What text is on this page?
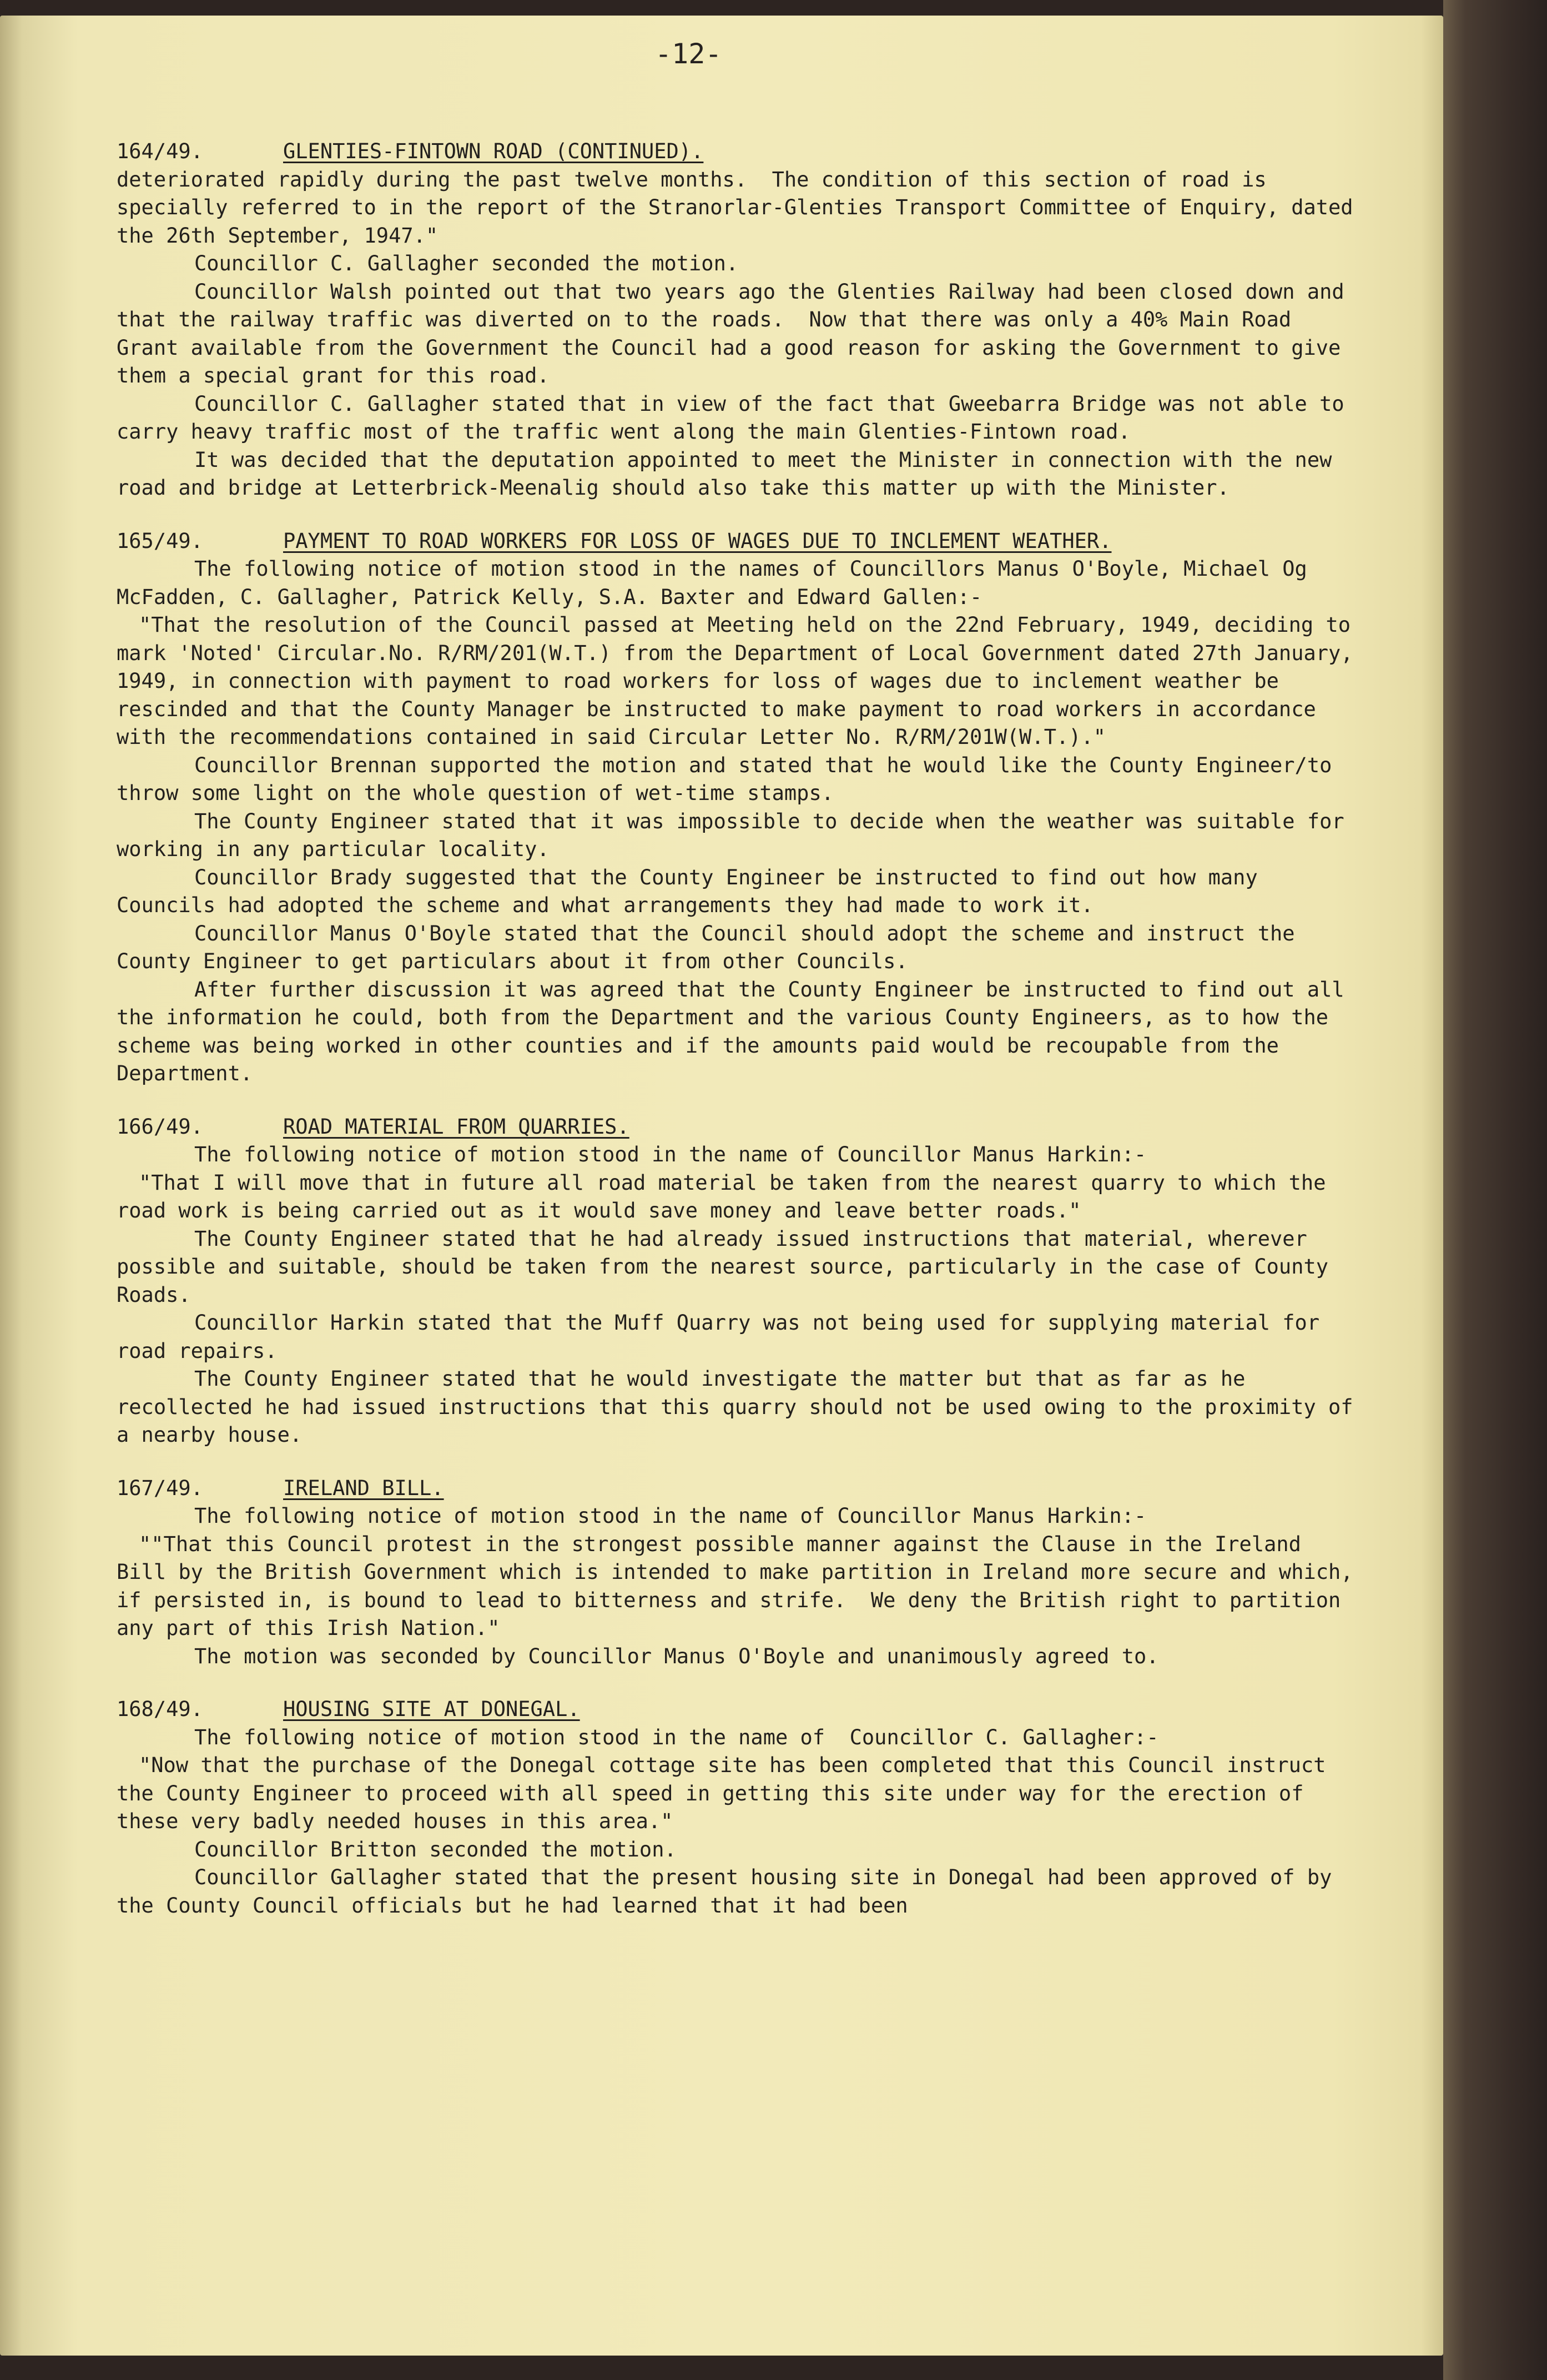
-12-
164/49.	GLENTIES-FINTOWN ROAD (CONTINUED).

deteriorated rapidly during the past twelve months.  The condition of this section of road is specially referred to in the report of the Stranorlar-Glenties Transport Committee of Enquiry, dated the 26th September, 1947."

Councillor C. Gallagher seconded the motion.

Councillor Walsh pointed out that two years ago the Glenties Railway had been closed down and that the railway traffic was diverted on to the roads.  Now that there was only a 40% Main Road Grant available from the Government the Council had a good reason for asking the Government to give them a special grant for this road.

Councillor C. Gallagher stated that in view of the fact that Gweebarra Bridge was not able to carry heavy traffic most of the traffic went along the main Glenties-Fintown road.

It was decided that the deputation appointed to meet the Minister in connection with the new road and bridge at Letterbrick-Meenalig should also take this matter up with the Minister.

165/49.	PAYMENT TO ROAD WORKERS FOR LOSS OF WAGES DUE TO INCLEMENT WEATHER.

The following notice of motion stood in the names of Councillors Manus O'Boyle, Michael Og McFadden, C. Gallagher, Patrick Kelly, S.A. Baxter and Edward Gallen:-

"That the resolution of the Council passed at Meeting held on the 22nd February, 1949, deciding to mark 'Noted' Circular.No. R/RM/201(W.T.) from the Department of Local Government dated 27th January, 1949, in connection with payment to road workers for loss of wages due to inclement weather be rescinded and that the County Manager be instructed to make payment to road workers in accordance with the recommendations contained in said Circular Letter No. R/RM/201W(W.T.)."

Councillor Brennan supported the motion and stated that he would like the County Engineer/to throw some light on the whole question of wet-time stamps.

The County Engineer stated that it was impossible to decide when the weather was suitable for working in any particular locality.

Councillor Brady suggested that the County Engineer be instructed to find out how many Councils had adopted the scheme and what arrangements they had made to work it.

Councillor Manus O'Boyle stated that the Council should adopt the scheme and instruct the County Engineer to get particulars about it from other Councils.

After further discussion it was agreed that the County Engineer be instructed to find out all the information he could, both from the Department and the various County Engineers, as to how the scheme was being worked in other counties and if the amounts paid would be recoupable from the Department.

166/49.	ROAD MATERIAL FROM QUARRIES.

The following notice of motion stood in the name of Councillor Manus Harkin:-

"That I will move that in future all road material be taken from the nearest quarry to which the road work is being carried out as it would save money and leave better roads."

The County Engineer stated that he had already issued instructions that material, wherever possible and suitable, should be taken from the nearest source, particularly in the case of County Roads.

Councillor Harkin stated that the Muff Quarry was not being used for supplying material for road repairs.

The County Engineer stated that he would investigate the matter but that as far as he recollected he had issued instructions that this quarry should not be used owing to the proximity of a nearby house.

167/49.	IRELAND BILL.

The following notice of motion stood in the name of Councillor Manus Harkin:-

""That this Council protest in the strongest possible manner against the Clause in the Ireland Bill by the British Government which is intended to make partition in Ireland more secure and which, if persisted in, is bound to lead to bitterness and strife.  We deny the British right to partition any part of this Irish Nation."

The motion was seconded by Councillor Manus O'Boyle and unanimously agreed to.

168/49.	HOUSING SITE AT DONEGAL.

The following notice of motion stood in the name of  Councillor C. Gallagher:-

"Now that the purchase of the Donegal cottage site has been completed that this Council instruct the County Engineer to proceed with all speed in getting this site under way for the erection of these very badly needed houses in this area."

Councillor Britton seconded the motion.

Councillor Gallagher stated that the present housing site in Donegal had been approved of by the County Council officials but he had learned that it had been
